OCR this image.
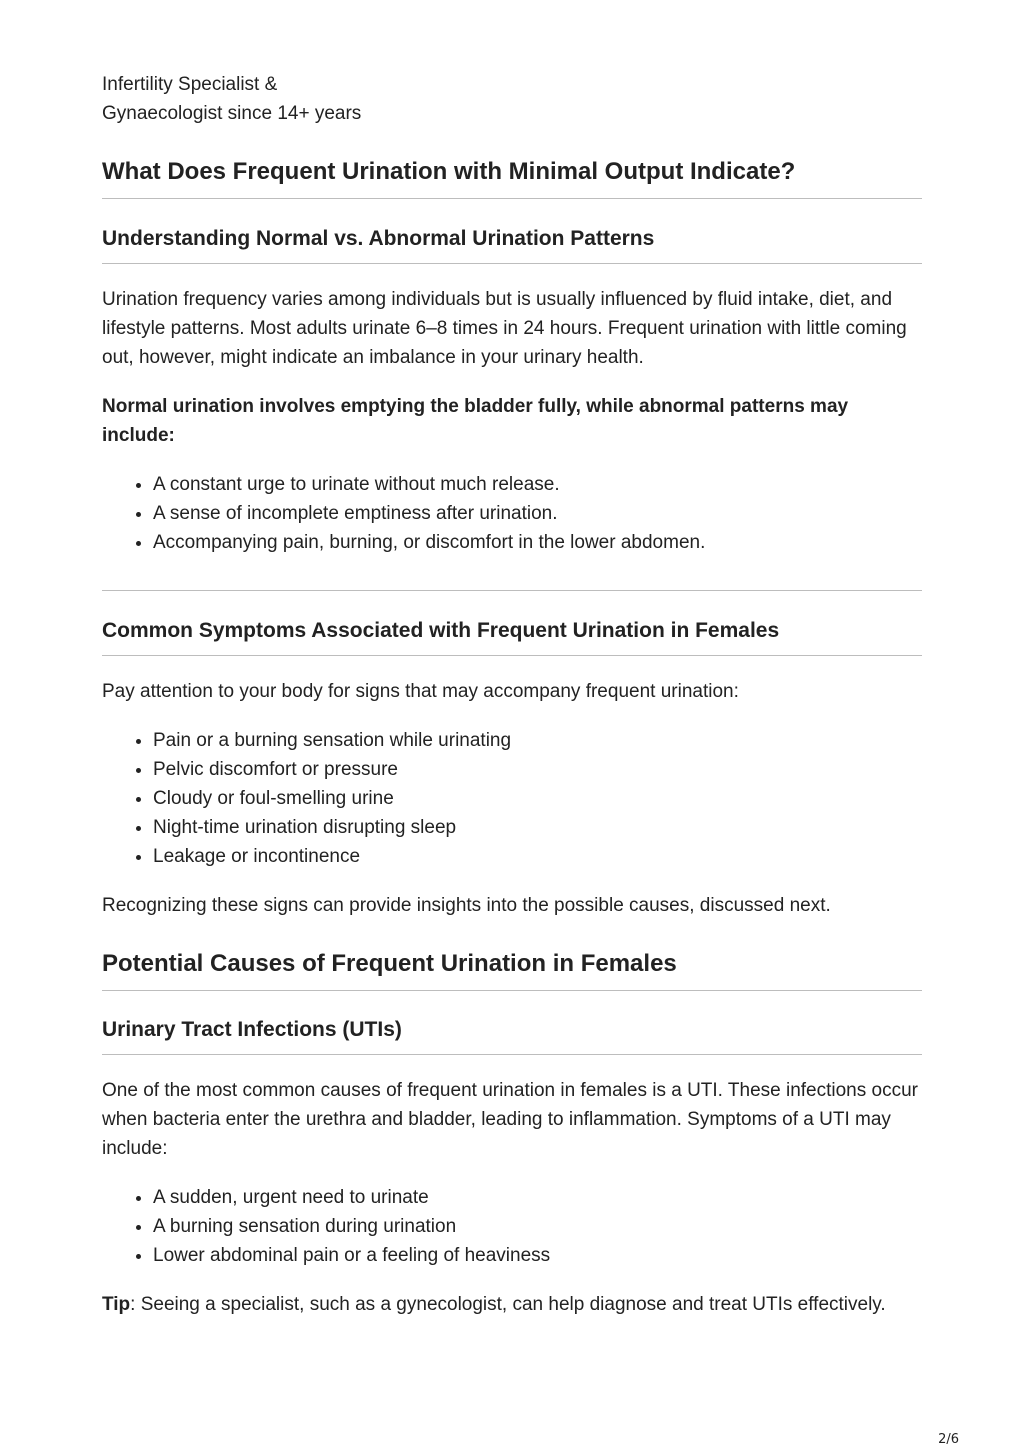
Infertility Specialist & Gynaecologist since 14+ years
What Does Frequent Urination with Minimal Output Indicate?
Understanding Normal vs. Abnormal Urination Patterns

Urination frequency varies among individuals but is usually influenced by fluid intake, diet, and lifestyle patterns. Most adults urinate 6–8 times in 24 hours. Frequent urination with little coming out, however, might indicate an imbalance in your urinary health.

Normal urination involves emptying the bladder fully, while abnormal patterns may include:

• A constant urge to urinate without much release.
• A sense of incomplete emptiness after urination.
• Accompanying pain, burning, or discomfort in the lower abdomen.
Common Symptoms Associated with Frequent Urination in Females

Pay attention to your body for signs that may accompany frequent urination:

• Pain or a burning sensation while urinating
• Pelvic discomfort or pressure
• Cloudy or foul-smelling urine
• Night-time urination disrupting sleep
• Leakage or incontinence

Recognizing these signs can provide insights into the possible causes, discussed next.

Potential Causes of Frequent Urination in Females
Urinary Tract Infections (UTIs)

One of the most common causes of frequent urination in females is a UTI. These infections occur when bacteria enter the urethra and bladder, leading to inflammation. Symptoms of a UTI may include:

• A sudden, urgent need to urinate
• A burning sensation during urination
• Lower abdominal pain or a feeling of heaviness

Tip: Seeing a specialist, such as a gynecologist, can help diagnose and treat UTIs effectively.

2/6
